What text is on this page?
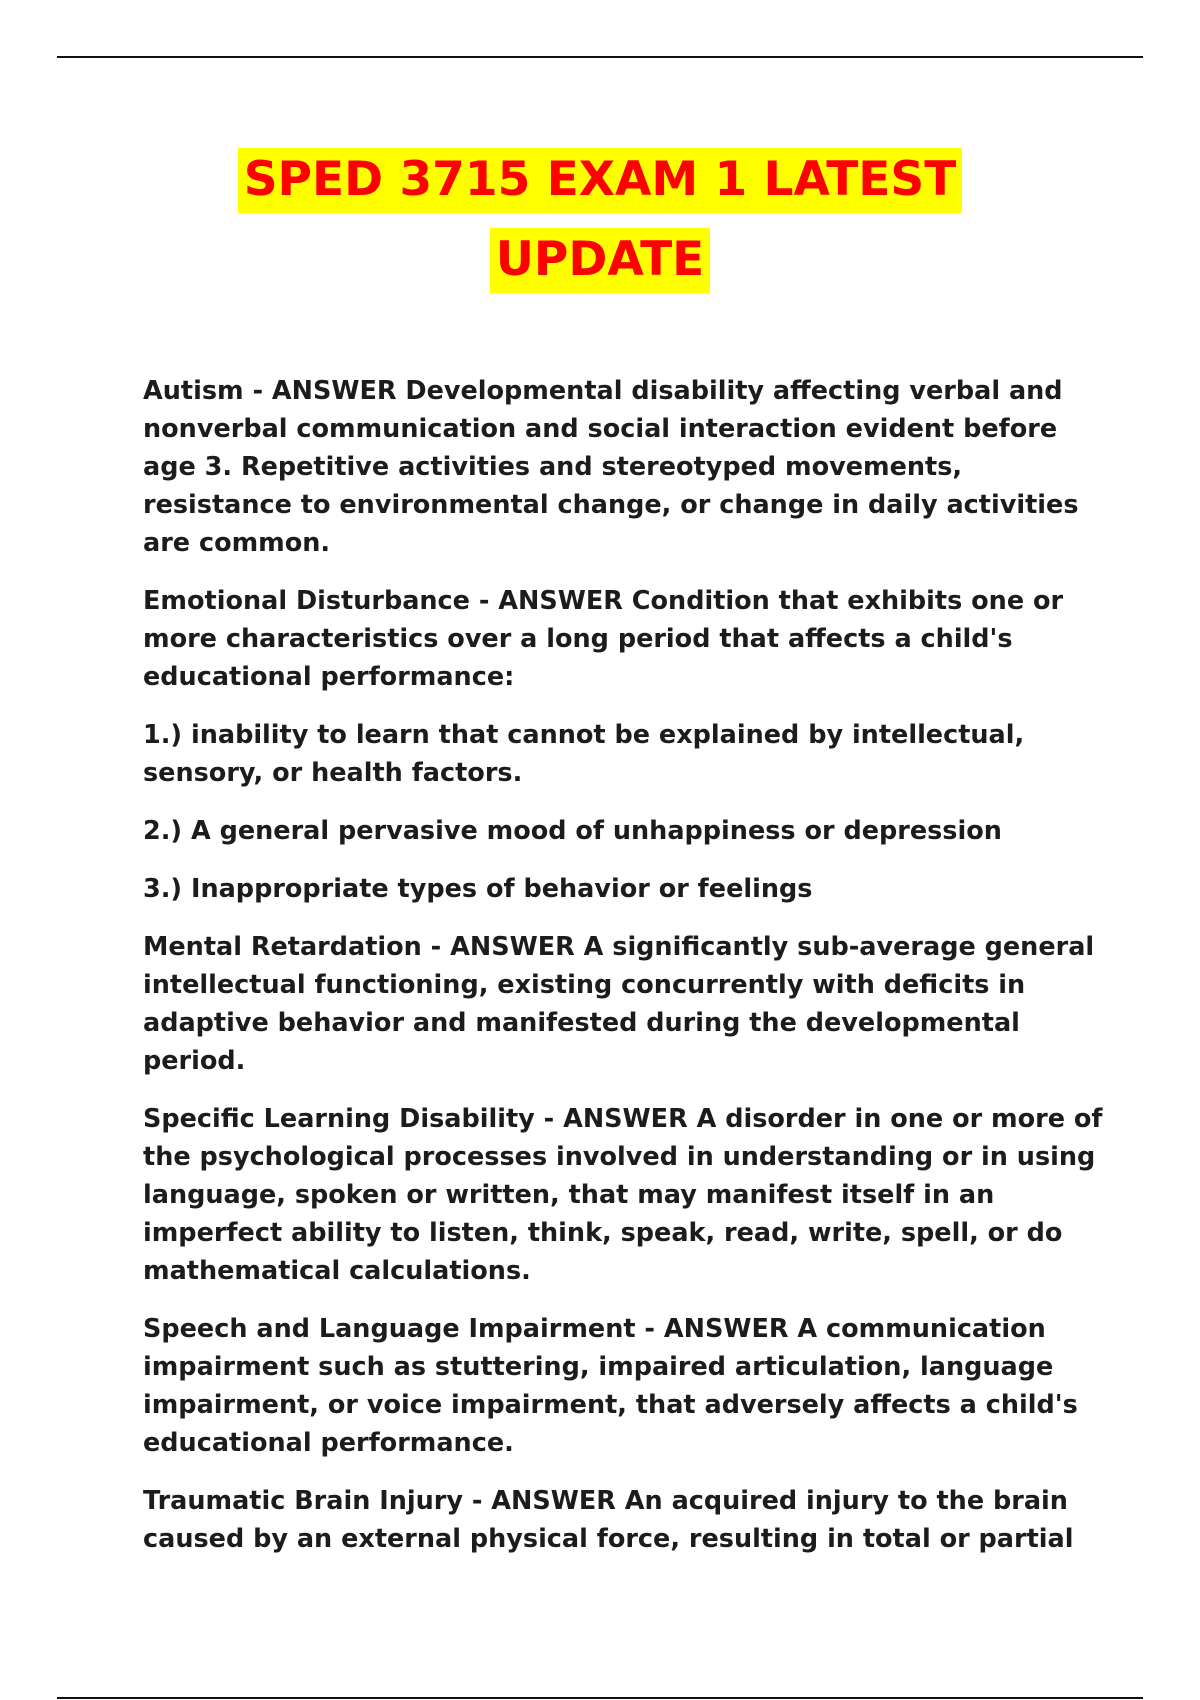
SPED 3715 EXAM 1 LATEST
UPDATE

Autism - ANSWER Developmental disability affecting verbal and nonverbal communication and social interaction evident before age 3. Repetitive activities and stereotyped movements, resistance to environmental change, or change in daily activities are common.

Emotional Disturbance - ANSWER Condition that exhibits one or more characteristics over a long period that affects a child's educational performance:

1.) inability to learn that cannot be explained by intellectual, sensory, or health factors.

2.) A general pervasive mood of unhappiness or depression

3.) Inappropriate types of behavior or feelings

Mental Retardation - ANSWER A significantly sub-average general intellectual functioning, existing concurrently with deficits in adaptive behavior and manifested during the developmental period.

Specific Learning Disability - ANSWER A disorder in one or more of the psychological processes involved in understanding or in using language, spoken or written, that may manifest itself in an imperfect ability to listen, think, speak, read, write, spell, or do mathematical calculations.

Speech and Language Impairment - ANSWER A communication impairment such as stuttering, impaired articulation, language impairment, or voice impairment, that adversely affects a child's educational performance.

Traumatic Brain Injury - ANSWER An acquired injury to the brain caused by an external physical force, resulting in total or partial
